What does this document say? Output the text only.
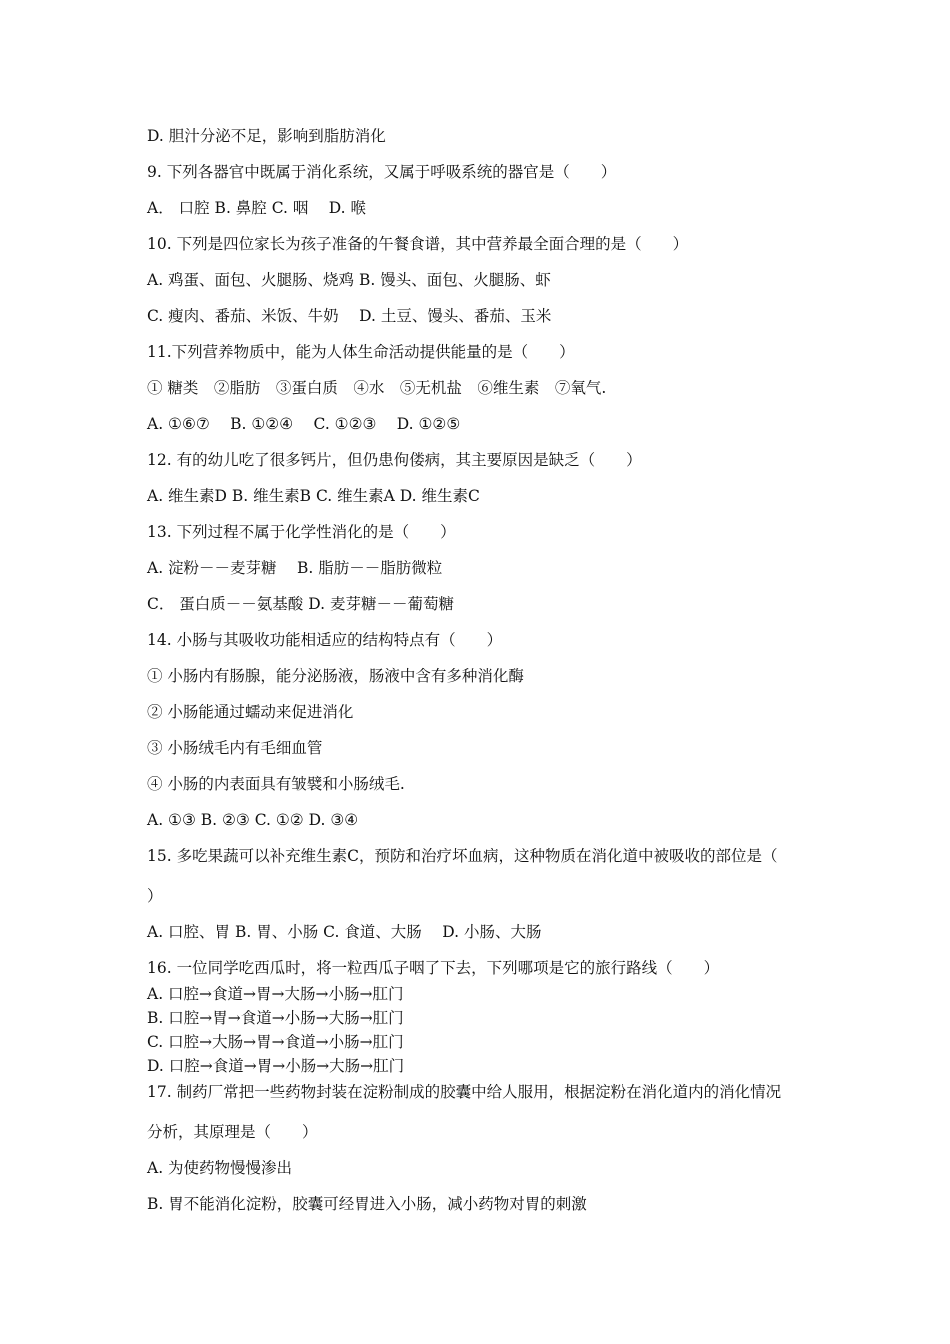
D. 胆汁分泌不足，影响到脂肪消化
9. 下列各器官中既属于消化系统，又属于呼吸系统的器官是（　　）
A． 口腔 B. 鼻腔 C. 咽　 D. 喉
10. 下列是四位家长为孩子准备的午餐食谱，其中营养最全面合理的是（　　）
A. 鸡蛋、面包、火腿肠、烧鸡 B. 馒头、面包、火腿肠、虾
C. 瘦肉、番茄、米饭、牛奶　 D. 土豆、馒头、番茄、玉米
11.下列营养物质中，能为人体生命活动提供能量的是（　　）
① 糖类　②脂肪　③蛋白质　④水　⑤无机盐　⑥维生素　⑦氧气.
A. ①⑥⑦　 B. ①②④　 C. ①②③　 D. ①②⑤
12. 有的幼儿吃了很多钙片，但仍患佝偻病，其主要原因是缺乏（　　）
A. 维生素D B. 维生素B C. 维生素A D. 维生素C
13. 下列过程不属于化学性消化的是（　　）
A. 淀粉－－麦芽糖　 B. 脂肪－－脂肪微粒
C． 蛋白质－－氨基酸 D. 麦芽糖－－葡萄糖
14. 小肠与其吸收功能相适应的结构特点有（　　）
① 小肠内有肠腺，能分泌肠液，肠液中含有多种消化酶
② 小肠能通过蠕动来促进消化
③ 小肠绒毛内有毛细血管
④ 小肠的内表面具有皱襞和小肠绒毛.
A. ①③ B. ②③ C. ①② D. ③④
15. 多吃果蔬可以补充维生素C，预防和治疗坏血病，这种物质在消化道中被吸收的部位是（
）
A. 口腔、胃 B. 胃、小肠 C. 食道、大肠　 D. 小肠、大肠
16. 一位同学吃西瓜时，将一粒西瓜子咽了下去，下列哪项是它的旅行路线（　　）
A. 口腔→食道→胃→大肠→小肠→肛门
B. 口腔→胃→食道→小肠→大肠→肛门
C. 口腔→大肠→胃→食道→小肠→肛门
D. 口腔→食道→胃→小肠→大肠→肛门
17. 制药厂常把一些药物封装在淀粉制成的胶囊中给人服用，根据淀粉在消化道内的消化情况
分析，其原理是（　　）
A. 为使药物慢慢渗出
B. 胃不能消化淀粉，胶囊可经胃进入小肠，减小药物对胃的刺激
